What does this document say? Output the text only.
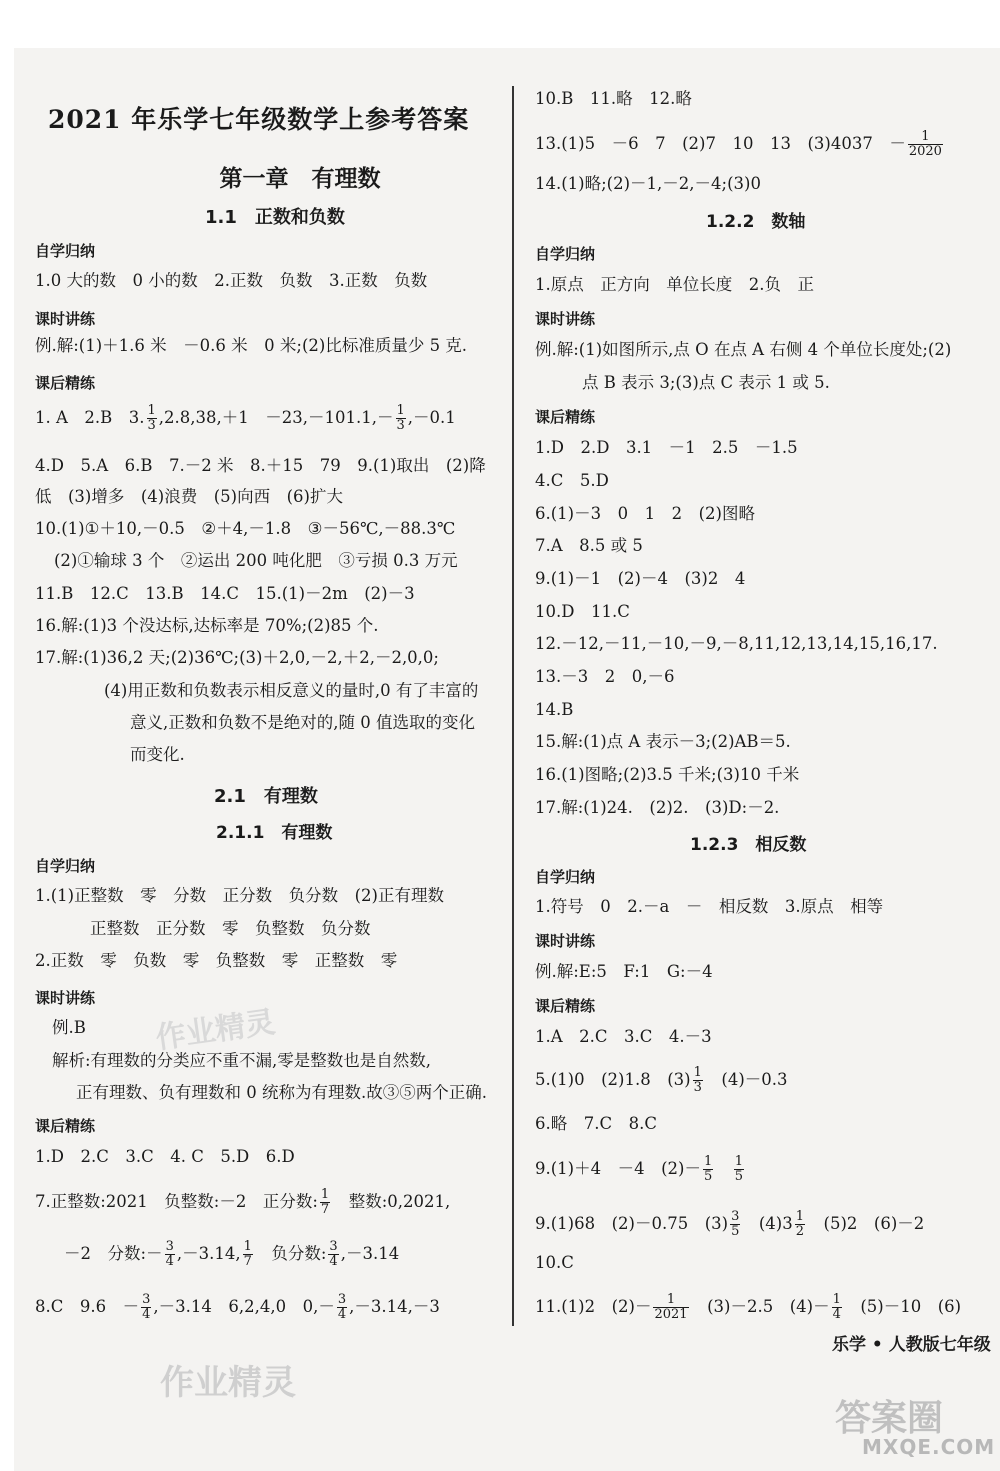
2021 年乐学七年级数学上参考答案
第一章　有理数
1.1　正数和负数
自学归纳
1.0 大的数　0 小的数　2.正数　负数　3.正数　负数
课时讲练
例.解:(1)＋1.6 米　－0.6 米　0 米;(2)比标准质量少 5 克.
课后精练
1. A　2.B　3. $\frac{1}{3} ,2.8,38,+1$　$-23,-101.1,- \frac{1}{3} ,-0.1$
4.D　5.A　6.B　7.－2 米　8.＋15　79　9.(1)取出　(2)降
低　(3)增多　(4)浪费　(5)向西　(6)扩大
10.(1)①＋10,－0.5　②＋4,－1.8　③－56℃,－88.3℃
(2)①输球 3 个　②运出 200 吨化肥　③亏损 0.3 万元
11.B　12.C　13.B　14.C　15.(1)－2m　(2)－3
16.解:(1)3 个没达标,达标率是 70%;(2)85 个.
17.解:(1)36,2 天;(2)36℃;(3)＋2,0,－2,＋2,－2,0,0;
(4)用正数和负数表示相反意义的量时,0 有了丰富的
意义,正数和负数不是绝对的,随 0 值选取的变化
而变化.
2.1　有理数
2.1.1　有理数
自学归纳
1.(1)正整数　零　分数　正分数　负分数　(2)正有理数
正整数　正分数　零　负整数　负分数
2.正数　零　负数　零　负整数　零　正整数　零
课时讲练
例.B
解析:有理数的分类应不重不漏,零是整数也是自然数,
正有理数、负有理数和 0 统称为有理数.故③⑤两个正确.
课后精练
1.D　2.C　3.C　4. C　5.D　6.D
7.正整数:2021　负整数:－2　正分数: $\frac{1}{7}$ 　整数:0,2021,
－2　分数:－ $\frac{3}{4} ,-3.14$, $\frac{1}{7}$ 　负分数: $\frac{3}{4} ,-3.14$
8.C　9.6　－ $\frac{3}{4} ,-3.14$　6,2,4,0　$0,- \frac{3}{4} ,-3.14,-3$
10.B　11.略　12.略
13.(1)5　－6　7　(2)7　10　13　(3)4037　－ $\frac{1}{2020}$
14.(1)略;(2)－1,－2,－4;(3)0
1.2.2　数轴
自学归纳
1.原点　正方向　单位长度　2.负　正
课时讲练
例.解:(1)如图所示,点 O 在点 A 右侧 4 个单位长度处;(2)
点 B 表示 3;(3)点 C 表示 1 或 5.
课后精练
1.D　2.D　3.1　－1　2.5　－1.5
4.C　5.D
6.(1)－3　0　1　2　(2)图略
7.A　8.5 或 5
9.(1)－1　(2)－4　(3)2　4
10.D　11.C
12.－12,－11,－10,－9,－8,11,12,13,14,15,16,17.
13.－3　2　0,－6
14.B
15.解:(1)点 A 表示－3;(2)AB＝5.
16.(1)图略;(2)3.5 千米;(3)10 千米
17.解:(1)24.　(2)2.　(3)D:－2.
1.2.3　相反数
自学归纳
1.符号　0　2.－a　－　相反数　3.原点　相等
课时讲练
例.解:E:5　F:1　G:－4
课后精练
1.A　2.C　3.C　4.－3
5.(1)0　(2)1.8　$(3) \frac{1}{3}$ 　(4)－0.3
6.略　7.C　8.C
9.(1)＋4　－4　$(2)- \frac{1}{5}$
　 $\frac{1}{5}$
9.(1)68　(2)－0.75　$(3) \frac{3}{5}$ 　$(4)3 \frac{1}{2}$ 　(5)2　(6)－2
10.C
11.(1)2　$(2)- \frac{1}{2021}$ 　(3)－2.5　$(4)- \frac{1}{4}$ 　(5)－10　(6)
乐学 • 人教版七年级
作业精灵
作业精灵
答案圈
MXQE.COM
